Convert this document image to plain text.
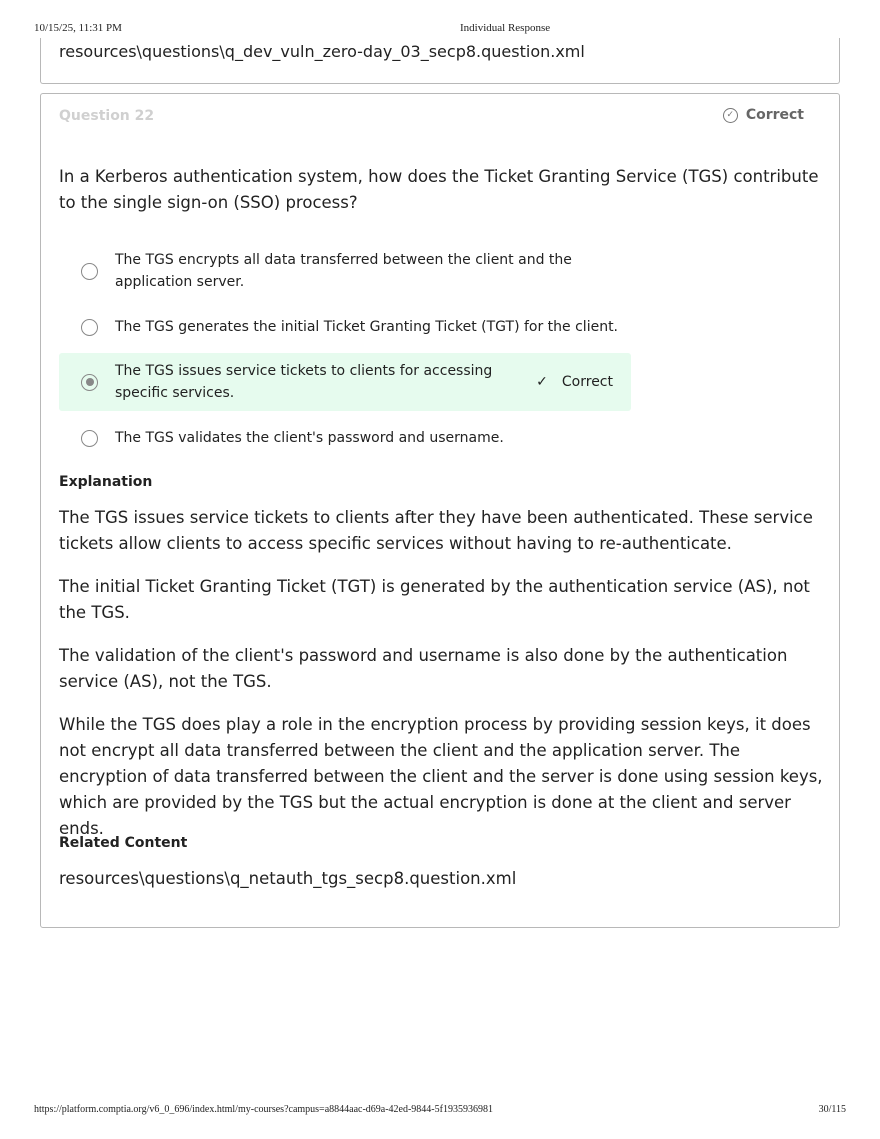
10/15/25, 11:31 PM	Individual Response
resources\questions\q_dev_vuln_zero-day_03_secp8.question.xml
Question 22	✓ Correct
In a Kerberos authentication system, how does the Ticket Granting Service (TGS) contribute to the single sign-on (SSO) process?
The TGS encrypts all data transferred between the client and the application server.
The TGS generates the initial Ticket Granting Ticket (TGT) for the client.
The TGS issues service tickets to clients for accessing specific services.
✓ Correct
The TGS validates the client's password and username.
Explanation

The TGS issues service tickets to clients after they have been authenticated. These service tickets allow clients to access specific services without having to re-authenticate.

The initial Ticket Granting Ticket (TGT) is generated by the authentication service (AS), not the TGS.

The validation of the client's password and username is also done by the authentication service (AS), not the TGS.

While the TGS does play a role in the encryption process by providing session keys, it does not encrypt all data transferred between the client and the application server. The encryption of data transferred between the client and the server is done using session keys, which are provided by the TGS but the actual encryption is done at the client and server ends.

Related Content
resources\questions\q_netauth_tgs_secp8.question.xml
https://platform.comptia.org/v6_0_696/index.html/my-courses?campus=a8844aac-d69a-42ed-9844-5f1935936981	30/115
